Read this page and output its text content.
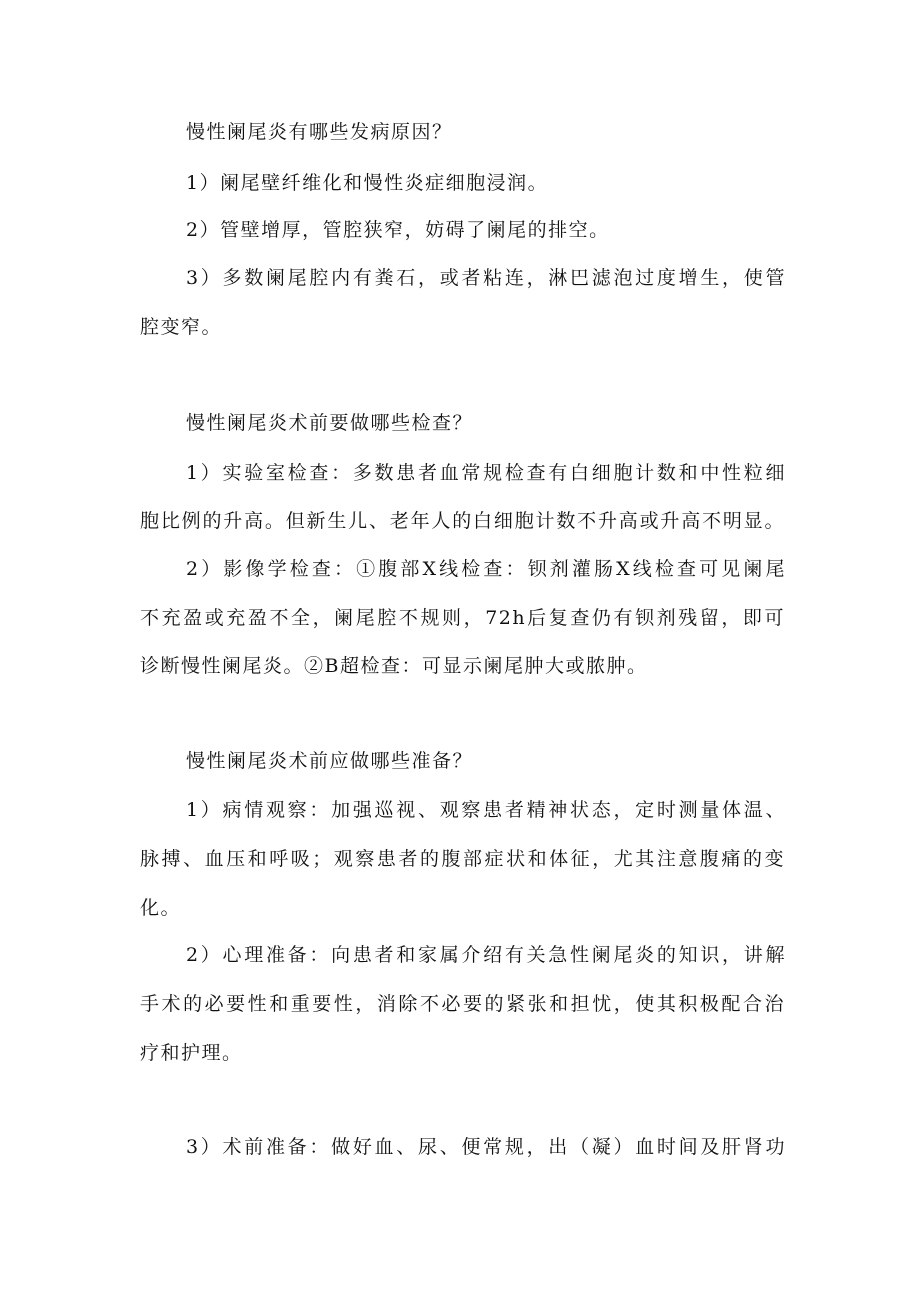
慢性阑尾炎有哪些发病原因？
1）阑尾壁纤维化和慢性炎症细胞浸润。
2）管壁增厚，管腔狭窄，妨碍了阑尾的排空。
3）多数阑尾腔内有粪石，或者粘连，淋巴滤泡过度增生，使管
腔变窄。
慢性阑尾炎术前要做哪些检查？
1）实验室检查：多数患者血常规检查有白细胞计数和中性粒细
胞比例的升高。但新生儿、老年人的白细胞计数不升高或升高不明显。
2）影像学检查：①腹部X线检查：钡剂灌肠X线检查可见阑尾
不充盈或充盈不全，阑尾腔不规则，72h后复查仍有钡剂残留，即可
诊断慢性阑尾炎。②B超检查：可显示阑尾肿大或脓肿。
慢性阑尾炎术前应做哪些准备？
1）病情观察：加强巡视、观察患者精神状态，定时测量体温、
脉搏、血压和呼吸；观察患者的腹部症状和体征，尤其注意腹痛的变
化。
2）心理准备：向患者和家属介绍有关急性阑尾炎的知识，讲解
手术的必要性和重要性，消除不必要的紧张和担忧，使其积极配合治
疗和护理。
3）术前准备：做好血、尿、便常规，出（凝）血时间及肝肾功
